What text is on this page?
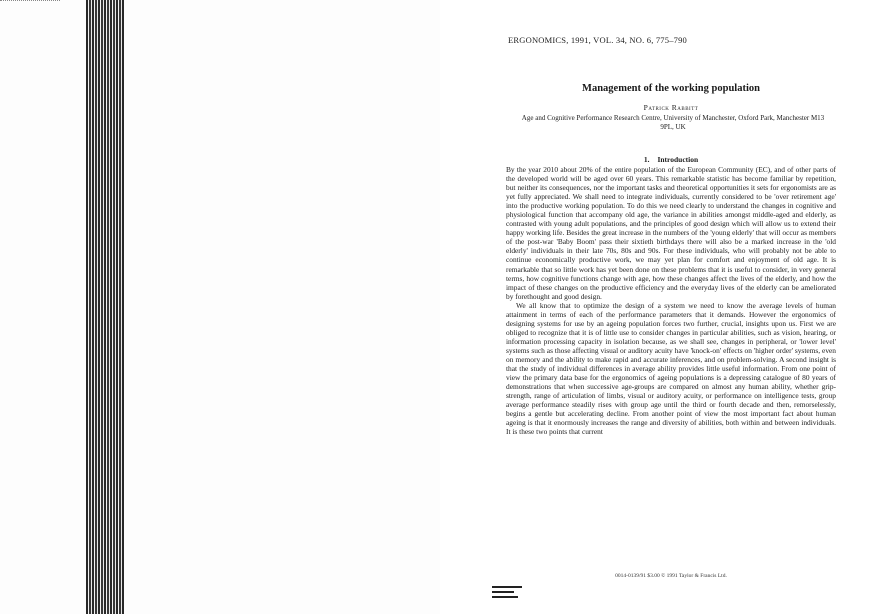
ERGONOMICS, 1991, VOL. 34, NO. 6, 775–790
Management of the working population
Patrick Rabbitt
Age and Cognitive Performance Research Centre, University of Manchester, Oxford Park, Manchester M13 9PL, UK
1. Introduction

By the year 2010 about 20% of the entire population of the European Community (EC), and of other parts of the developed world will be aged over 60 years. This remarkable statistic has become familiar by repetition, but neither its consequences, nor the important tasks and theoretical opportunities it sets for ergonomists are as yet fully appreciated. We shall need to integrate individuals, currently considered to be 'over retirement age' into the productive working population. To do this we need clearly to understand the changes in cognitive and physiological function that accompany old age, the variance in abilities amongst middle-aged and elderly, as contrasted with young adult populations, and the principles of good design which will allow us to extend their happy working life. Besides the great increase in the numbers of the 'young elderly' that will occur as members of the post-war 'Baby Boom' pass their sixtieth birthdays there will also be a marked increase in the 'old elderly' individuals in their late 70s, 80s and 90s. For these individuals, who will probably not be able to continue economically productive work, we may yet plan for comfort and enjoyment of old age. It is remarkable that so little work has yet been done on these problems that it is useful to consider, in very general terms, how cognitive functions change with age, how these changes affect the lives of the elderly, and how the impact of these changes on the productive efficiency and the everyday lives of the elderly can be ameliorated by forethought and good design.

We all know that to optimize the design of a system we need to know the average levels of human attainment in terms of each of the performance parameters that it demands. However the ergonomics of designing systems for use by an ageing population forces two further, crucial, insights upon us. First we are obliged to recognize that it is of little use to consider changes in particular abilities, such as vision, hearing, or information processing capacity in isolation because, as we shall see, changes in peripheral, or 'lower level' systems such as those affecting visual or auditory acuity have 'knock-on' effects on 'higher order' systems, even on memory and the ability to make rapid and accurate inferences, and on problem-solving. A second insight is that the study of individual differences in average ability provides little useful information. From one point of view the primary data base for the ergonomics of ageing populations is a depressing catalogue of 80 years of demonstrations that when successive age-groups are compared on almost any human ability, whether grip-strength, range of articulation of limbs, visual or auditory acuity, or performance on intelligence tests, group average performance steadily rises with group age until the third or fourth decade and then, remorselessly, begins a gentle but accelerating decline. From another point of view the most important fact about human ageing is that it enormously increases the range and diversity of abilities, both within and between individuals. It is these two points that current

0014-0139/91 $3.00 © 1991 Taylor & Francis Ltd.
